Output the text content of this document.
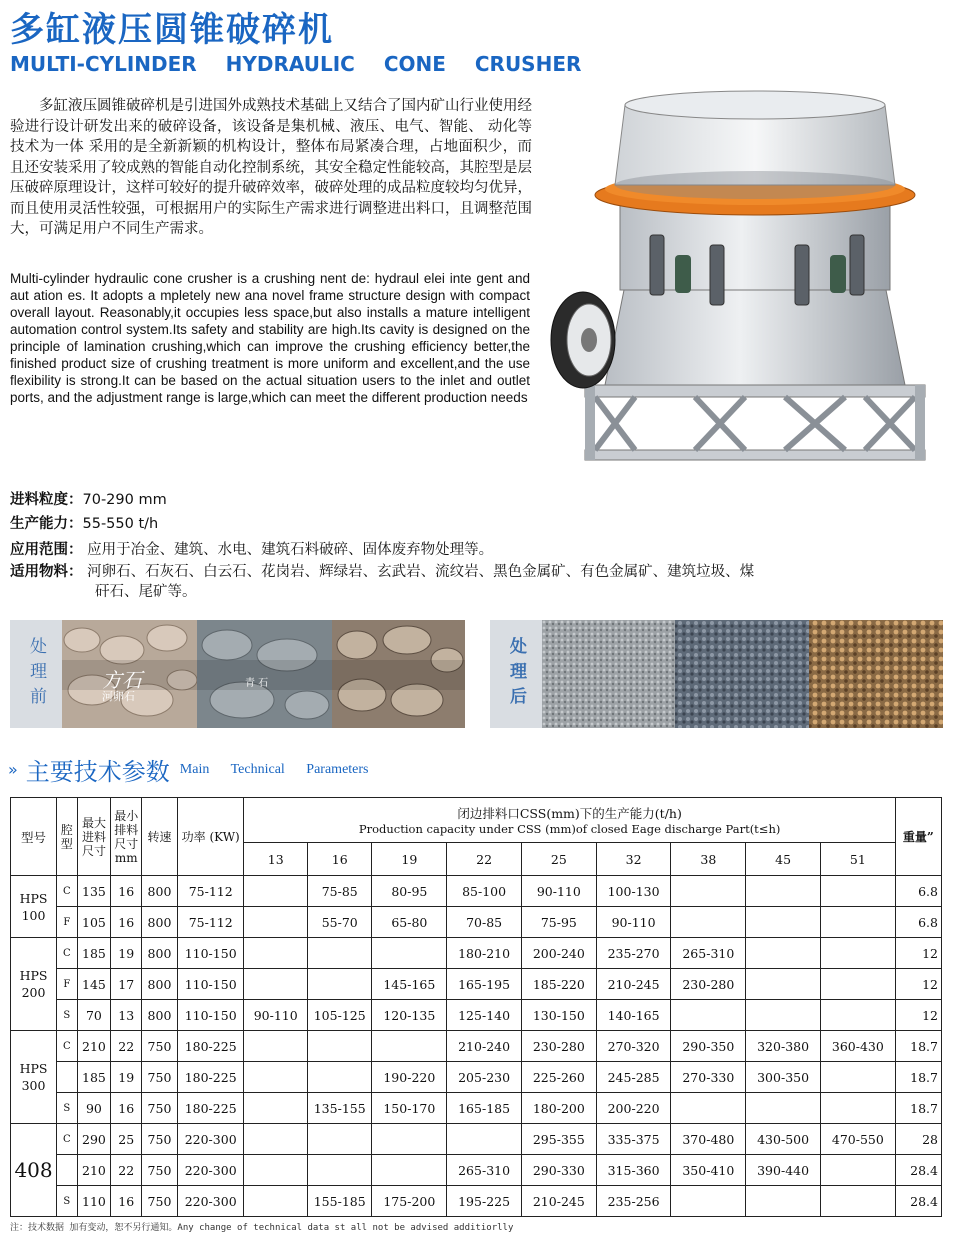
多缸液压圆锥破碎机
MULTI-CYLINDER HYDRAULIC CONE CRUSHER

多缸液压圆锥破碎机是引进国外成熟技术基础上又结合了国内矿山行业使用经验进行设计研发出来的破碎设备，该设备是集机械、液压、电气、智能、 动化等技术为一体 采用的是全新新颖的机构设计，整体布局紧凑合理，占地面积少，而且还安装采用了较成熟的智能自动化控制系统，其安全稳定性能较高，其腔型是层压破碎原理设计，这样可较好的提升破碎效率，破碎处理的成品粒度较均匀优异，而且使用灵活性较强，可根据用户的实际生产需求进行调整进出料口，且调整范围大，可满足用户不同生产需求。

Multi-cylinder hydraulic cone crusher is a crushing nent de: hydraul elei inte gent and aut ation es. It adopts a mpletely new ana novel frame structure design with compact overall layout. Reasonably,it occupies less space,but also installs a mature intelligent automation control system.Its safety and stability are high.Its cavity is designed on the principle of lamination crushing,which can improve the crushing efficiency better,the finished product size of crushing treatment is more uniform and excellent,and the use flexibility is strong.It can be based on the actual situation users to the inlet and outlet ports, and the adjustment range is large,which can meet the different production needs

进料粒度：70-290 mm
生产能力：55-550 t/h
应用范围： 应用于冶金、建筑、水电、建筑石料破碎、固体废弃物处理等。
适用物料： 河卵石、石灰石、白云石、花岗岩、辉绿岩、玄武岩、流纹岩、黑色金属矿、有色金属矿、建筑垃圾、煤
矸石、尾矿等。
处理前	方石
河卵石
青 石	处理后
» 主要技术参数 Main Technical Parameters
型号	腔型	最大进料尺寸	最小排料尺寸 mm	转速	功率 (KW)	闭边排料口CSS(mm)下的生产能力(t/h)
Production capacity under CSS (mm)of closed Eage discharge Part(t≤h)									重量”
						13	16	19	22	25	32	38	45	51	
HPS 100	C	135	16	800	75-112		75-85	80-95	85-100	90-110	100-130				6.8
	F	105	16	800	75-112		55-70	65-80	70-85	75-95	90-110				6.8
HPS 200	C	185	19	800	110-150				180-210	200-240	235-270	265-310			12
	F	145	17	800	110-150			145-165	165-195	185-220	210-245	230-280			12
	S	70	13	800	110-150	90-110	105-125	120-135	125-140	130-150	140-165				12
HPS 300	C	210	22	750	180-225				210-240	230-280	270-320	290-350	320-380	360-430	18.7
		185	19	750	180-225			190-220	205-230	225-260	245-285	270-330	300-350		18.7
	S	90	16	750	180-225		135-155	150-170	165-185	180-200	200-220				18.7
408	C	290	25	750	220-300					295-355	335-375	370-480	430-500	470-550	28
		210	22	750	220-300				265-310	290-330	315-360	350-410	390-440		28.4
	S	110	16	750	220-300		155-185	175-200	195-225	210-245	235-256				28.4
注：技术数据 加有变动，恕不另行通知。Any change of technical data st all not be advised additiorlly
